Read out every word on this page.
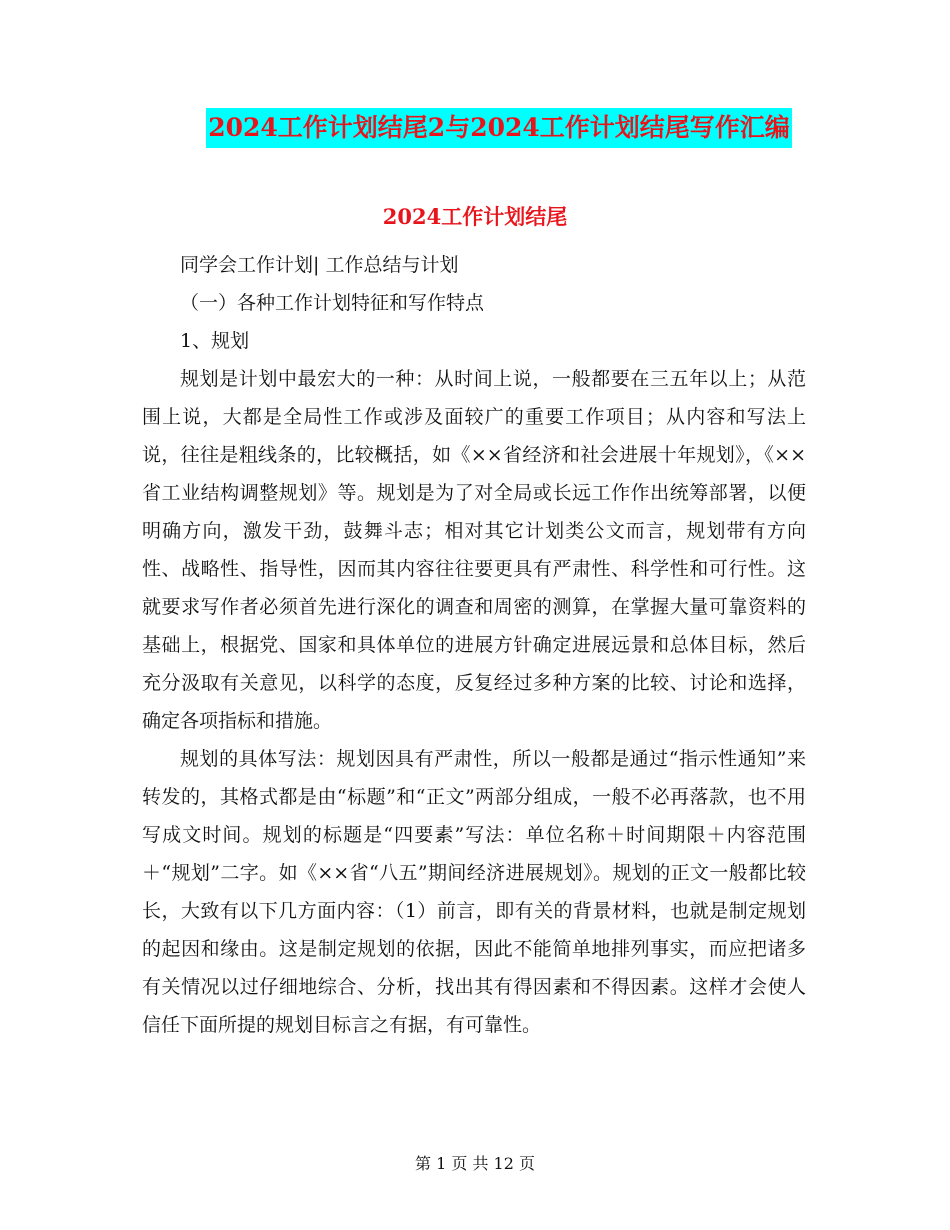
2024工作计划结尾2与2024工作计划结尾写作汇编
2024工作计划结尾

同学会工作计划| 工作总结与计划

（一）各种工作计划特征和写作特点

1、规划

规划是计划中最宏大的一种：从时间上说，一般都要在三五年以上；从范围上说，大都是全局性工作或涉及面较广的重要工作项目；从内容和写法上说，往往是粗线条的，比较概括，如《××省经济和社会进展十年规划》，《××省工业结构调整规划》等。规划是为了对全局或长远工作作出统筹部署，以便明确方向，激发干劲，鼓舞斗志；相对其它计划类公文而言，规划带有方向性、战略性、指导性，因而其内容往往要更具有严肃性、科学性和可行性。这就要求写作者必须首先进行深化的调查和周密的测算，在掌握大量可靠资料的基础上，根据党、国家和具体单位的进展方针确定进展远景和总体目标，然后充分汲取有关意见，以科学的态度，反复经过多种方案的比较、讨论和选择，确定各项指标和措施。

规划的具体写法：规划因具有严肃性，所以一般都是通过“指示性通知”来转发的，其格式都是由“标题”和“正文”两部分组成，一般不必再落款，也不用写成文时间。规划的标题是“四要素”写法：单位名称＋时间期限＋内容范围＋“规划”二字。如《××省“八五”期间经济进展规划》。规划的正文一般都比较长，大致有以下几方面内容：（1）前言，即有关的背景材料，也就是制定规划的起因和缘由。这是制定规划的依据，因此不能简单地排列事实，而应把诸多有关情况以过仔细地综合、分析，找出其有得因素和不得因素。这样才会使人信任下面所提的规划目标言之有据，有可靠性。

第 1 页 共 12 页
